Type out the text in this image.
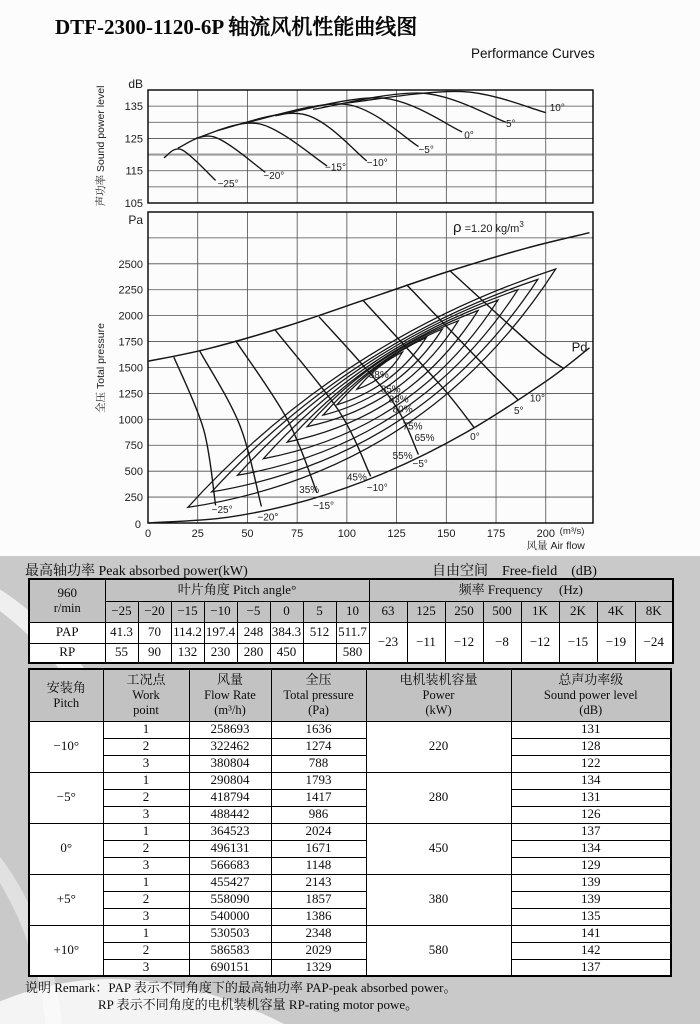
DTF-2300-1120-6P 轴流风机性能曲线图
Performance Curves
−25°
−20°
−15° −10°
−5°
0°
5°
10°
dB
135
125
115
105
声功率 Sound power level
35%
45%
55%
65%
75%
80%
83%
85%
88%
Pd
−25°
−20°
−15°
−10°
−5°
0°
5°
10°
Pa
2500
2250
2000
1750
1500
1250
1000
750
500
250
0
0	25	50	75	100	125	150	175	200 (m³/s)
风量 Air flow
全压 Total pressure
ρ =1.20 $kg/m^3$
最高轴功率 Peak absorbed power(kW)	自由空间    Free-field    (dB)
960
r/min	叶片角度 Pitch angle°								频率 Frequency　 (Hz)							
	−25	−20	−15	−10	−5	0	5	10	63	125	250	500	1K	2K	4K	8K
PAP	41.3	70	114.2	197.4	248	384.3	512	511.7	−23	−11	−12	−8	−12	−15	−19	−24
RP	55	90	132	230	280	450		580								
安装角
Pitch

工况点
Work
point

风量
Flow Rate
(m³/h)

全压
Total pressure
(Pa)

电机装机容量
Power
(kW)

总声功率级
Sound power level
(dB)

−10°	1	258693	1636	220	131
	2	322462	1274		128
	3	380804	788		122
−5°	1	290804	1793	280	134
	2	418794	1417		131
	3	488442	986		126
0°	1	364523	2024	450	137
	2	496131	1671		134
	3	566683	1148		129
+5°	1	455427	2143	380	139
	2	558090	1857		139
	3	540000	1386		135
+10°	1	530503	2348	580	141
	2	586583	2029		142
	3	690151	1329		137
说明 Remark：PAP 表示不同角度下的最高轴功率 PAP-peak absorbed power。
RP 表示不同角度的电机装机容量 RP-rating motor powe。
